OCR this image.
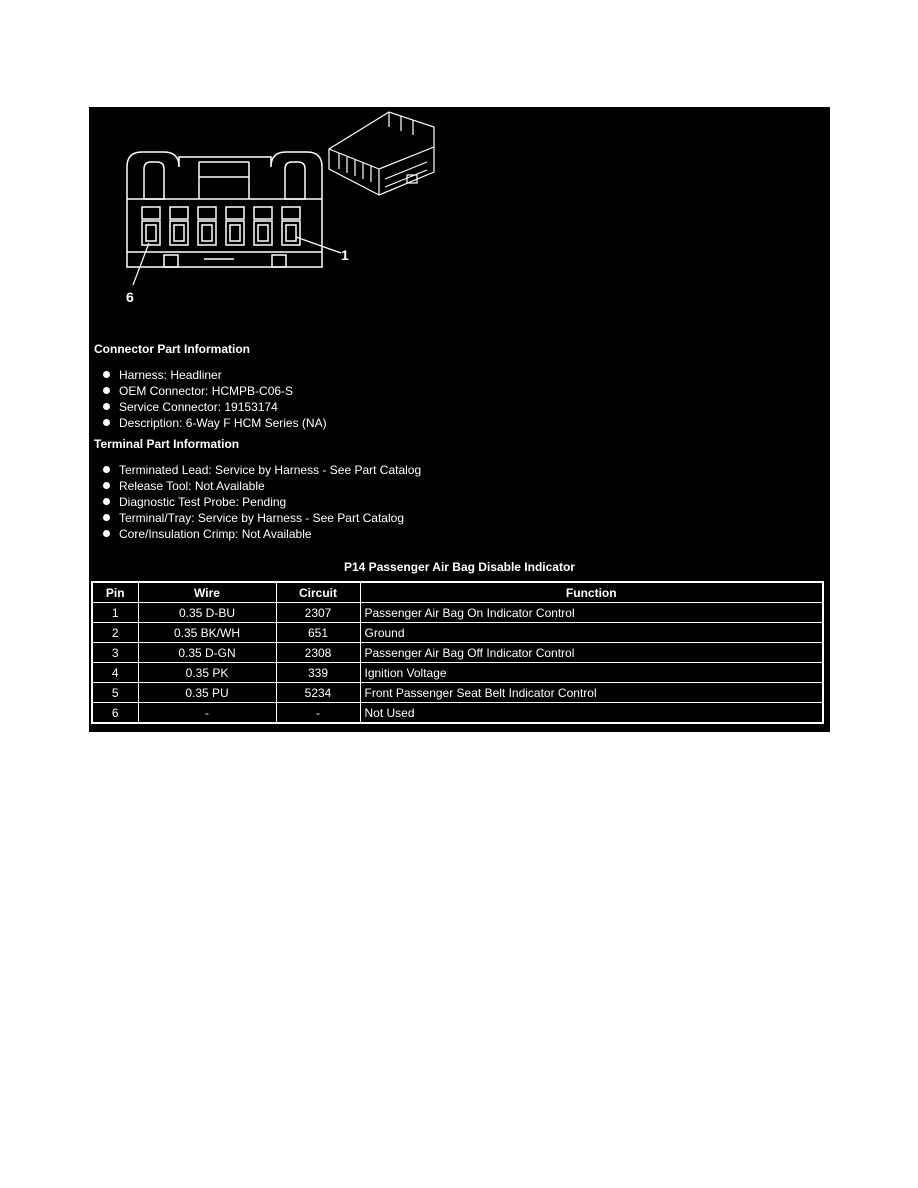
1
6
Connector Part Information
Harness: Headliner
OEM Connector: HCMPB-C06-S
Service Connector: 19153174
Description: 6-Way F HCM Series (NA)
Terminal Part Information
Terminated Lead: Service by Harness - See Part Catalog
Release Tool: Not Available
Diagnostic Test Probe: Pending
Terminal/Tray: Service by Harness - See Part Catalog
Core/Insulation Crimp: Not Available
P14 Passenger Air Bag Disable Indicator
Pin	Wire	Circuit	Function
1	0.35 D-BU	2307	Passenger Air Bag On Indicator Control
2	0.35 BK/WH	651	Ground
3	0.35 D-GN	2308	Passenger Air Bag Off Indicator Control
4	0.35 PK	339	Ignition Voltage
5	0.35 PU	5234	Front Passenger Seat Belt Indicator Control
6	-	-	Not Used
